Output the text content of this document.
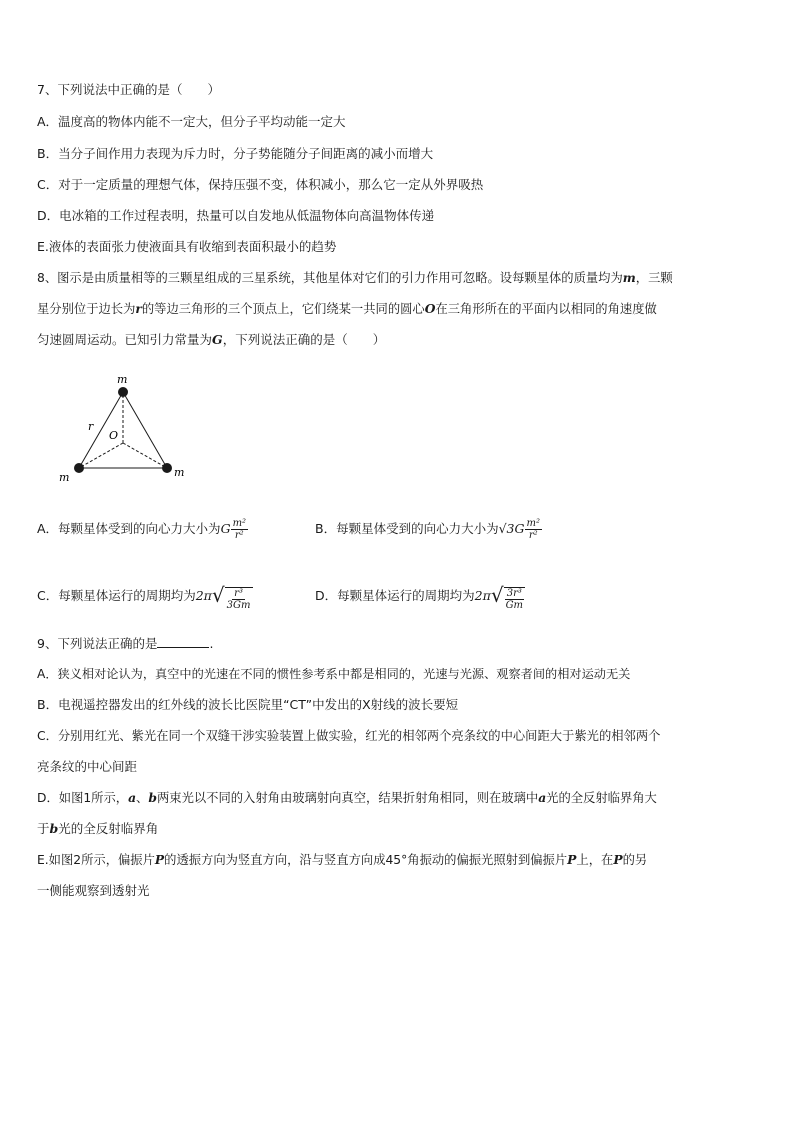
7、下列说法中正确的是（　　）
A．温度高的物体内能不一定大，但分子平均动能一定大
B．当分子间作用力表现为斥力时，分子势能随分子间距离的减小而增大
C．对于一定质量的理想气体，保持压强不变，体积减小，那么它一定从外界吸热
D．电冰箱的工作过程表明，热量可以自发地从低温物体向高温物体传递
E.液体的表面张力使液面具有收缩到表面积最小的趋势
8、图示是由质量相等的三颗星组成的三星系统，其他星体对它们的引力作用可忽略。设每颗星体的质量均为m，三颗
星分别位于边长为r的等边三角形的三个顶点上，它们绕某一共同的圆心O在三角形所在的平面内以相同的角速度做
匀速圆周运动。已知引力常量为G，下列说法正确的是（　　）
m
m	m
r
O
A．每颗星体受到的向心力大小为G $\frac{\text{m²}}{\text{r²}}$	B．每颗星体受到的向心力大小为$√3G \frac{\text{m²}}{\text{r²}}$
C．每颗星体运行的周期均为$2\pi√ \frac{\text{r³}}{3Gm}$	D．每颗星体运行的周期均为$2\pi√ \frac{\text{3r³}}{Gm}$
9、下列说法正确的是	.
A．狭义相对论认为，真空中的光速在不同的惯性参考系中都是相同的，光速与光源、观察者间的相对运动无关
B．电视遥控器发出的红外线的波长比医院里“CT”中发出的X射线的波长要短
C．分别用红光、紫光在同一个双缝干涉实验装置上做实验，红光的相邻两个亮条纹的中心间距大于紫光的相邻两个
亮条纹的中心间距
D．如图1所示，a、b两束光以不同的入射角由玻璃射向真空，结果折射角相同，则在玻璃中a光的全反射临界角大
于b光的全反射临界角
E.如图2所示，偏振片P的透振方向为竖直方向，沿与竖直方向成45°角振动的偏振光照射到偏振片P上，在P的另
一侧能观察到透射光
